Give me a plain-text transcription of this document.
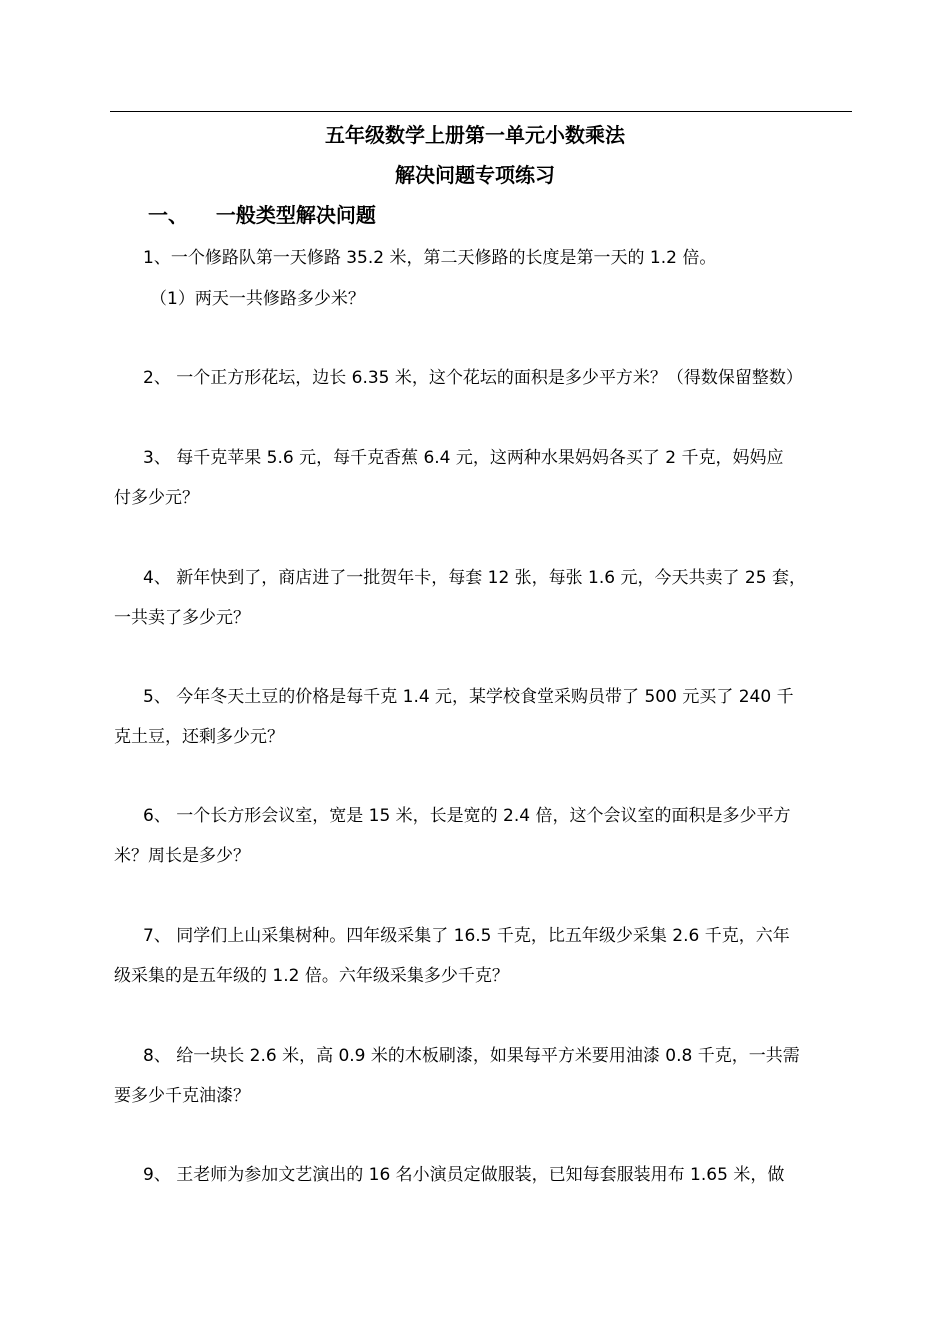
五年级数学上册第一单元小数乘法
解决问题专项练习
一、 一般类型解决问题
1、一个修路队第一天修路 35.2 米，第二天修路的长度是第一天的 1.2 倍。
（1）两天一共修路多少米？
2、 一个正方形花坛，边长 6.35 米，这个花坛的面积是多少平方米？（得数保留整数）
3、 每千克苹果 5.6 元，每千克香蕉 6.4 元，这两种水果妈妈各买了 2 千克，妈妈应
付多少元？
4、 新年快到了，商店进了一批贺年卡，每套 12 张，每张 1.6 元，今天共卖了 25 套，
一共卖了多少元？
5、 今年冬天土豆的价格是每千克 1.4 元，某学校食堂采购员带了 500 元买了 240 千
克土豆，还剩多少元？
6、 一个长方形会议室，宽是 15 米，长是宽的 2.4 倍，这个会议室的面积是多少平方
米？周长是多少？
7、 同学们上山采集树种。四年级采集了 16.5 千克，比五年级少采集 2.6 千克，六年
级采集的是五年级的 1.2 倍。六年级采集多少千克？
8、 给一块长 2.6 米，高 0.9 米的木板刷漆，如果每平方米要用油漆 0.8 千克，一共需
要多少千克油漆？
9、 王老师为参加文艺演出的 16 名小演员定做服装，已知每套服装用布 1.65 米，做
